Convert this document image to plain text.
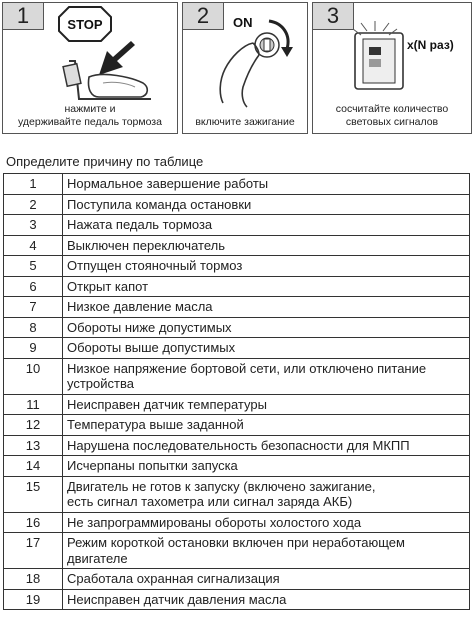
STOP
1
нажмите и
удерживайте педаль тормоза
ON
2
включите зажигание
x(N раз)
3
сосчитайте количество
световых сигналов
Определите причину по таблице
1	Нормальное завершение работы
2	Поступила команда остановки
3	Нажата педаль тормоза
4	Выключен переключатель
5	Отпущен стояночный тормоз
6	Открыт капот
7	Низкое давление масла
8	Обороты ниже допустимых
9	Обороты выше допустимых
10	Низкое напряжение бортовой сети, или отключено питание
устройства

11	Неисправен датчик температуры
12	Температура выше заданной
13	Нарушена последовательность безопасности для МКПП
14	Исчерпаны попытки запуска
15	Двигатель не готов к запуску (включено зажигание,
есть сигнал тахометра или сигнал заряда АКБ)

16	Не запрограммированы обороты холостого хода
17	Режим короткой остановки включен при неработающем
двигателе

18	Сработала охранная сигнализация
19	Неисправен датчик давления масла
